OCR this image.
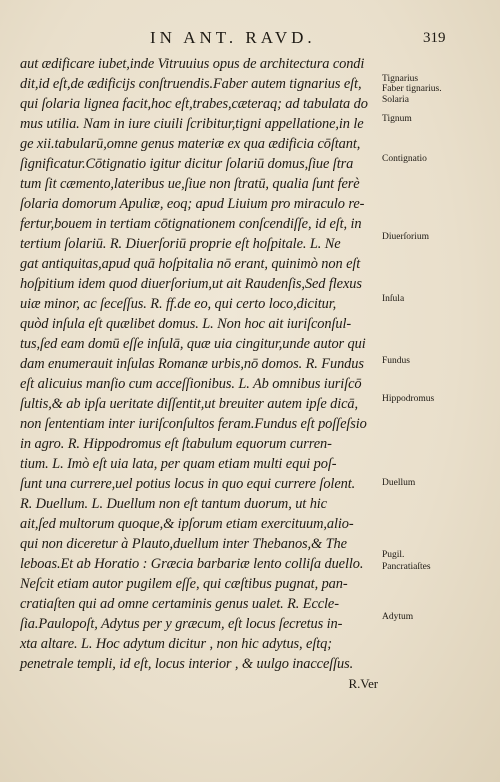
IN ANT. RAVD.	319
aut ædificare iubet,inde Vitruuius opus de architectura condi
dit,id eſt,de ædificijs conſtruendis.Faber autem tignarius eſt,
qui ſolaria lignea facit,hoc eſt,trabes,cæteraq; ad tabulata do
mus utilia. Nam in iure ciuili ſcribitur,tigni appellatione,in le
ge xii.tabularū,omne genus materiæ ex qua ædificia cōſtant,
ſignificatur.Cōtignatio igitur dicitur ſolariū domus,ſiue ſtra
tum ſit cæmento,lateribus ue,ſiue non ſtratū, qualia ſunt ferè
ſolaria domorum Apuliæ, eoq; apud Liuium pro miraculo re-
fertur,bouem in tertiam cōtignationem conſcendiſſe, id eſt, in
tertium ſolariū. R. Diuerſoriū proprie eſt hoſpitale. L. Ne
gat antiquitas,apud quā hoſpitalia nō erant, quinimò non eſt
hoſpitium idem quod diuerſorium,ut ait Raudenſis,Sed flexus
uiæ minor, ac ſeceſſus. R. ff.de eo, qui certo loco,dicitur,
quòd inſula eſt quælibet domus. L. Non hoc ait iuriſconſul-
tus,ſed eam domū eſſe inſulā, quæ uia cingitur,unde autor qui
dam enumerauit inſulas Romanæ urbis,nō domos. R. Fundus
eſt alicuius manſio cum acceſſionibus. L. Ab omnibus iuriſcō
ſultis,& ab ipſa ueritate diſſentit,ut breuiter autem ipſe dicā,
non ſententiam inter iuriſconſultos feram.Fundus eſt poſſeſsio
in agro. R. Hippodromus eſt ſtabulum equorum curren-
tium. L. Imò eſt uia lata, per quam etiam multi equi poſ-
ſunt una currere,uel potius locus in quo equi currere ſolent.
R. Duellum. L. Duellum non eſt tantum duorum, ut hic
ait,ſed multorum quoque,& ipſorum etiam exercituum,alio-
qui non diceretur à Plauto,duellum inter Thebanos,& The
leboas.Et ab Horatio : Græcia barbariæ lento colliſa duello.
Neſcit etiam autor pugilem eſſe, qui cæſtibus pugnat, pan-
cratiaſten qui ad omne certaminis genus ualet. R. Eccle-
ſia.Paulopoſt, Adytus per y græcum, eſt locus ſecretus in-
xta altare. L. Hoc adytum dicitur , non hic adytus, eſtq;
penetrale templi, id eſt, locus interior , & uulgo inacceſſus.
R.Ver
Tignarius
Faber tignarius.
Solaria
Tignum
Contignatio
Diuerſorium
Inſula
Fundus
Hippodromus
Duellum
Pugil.
Pancratiaſtes
Adytum
